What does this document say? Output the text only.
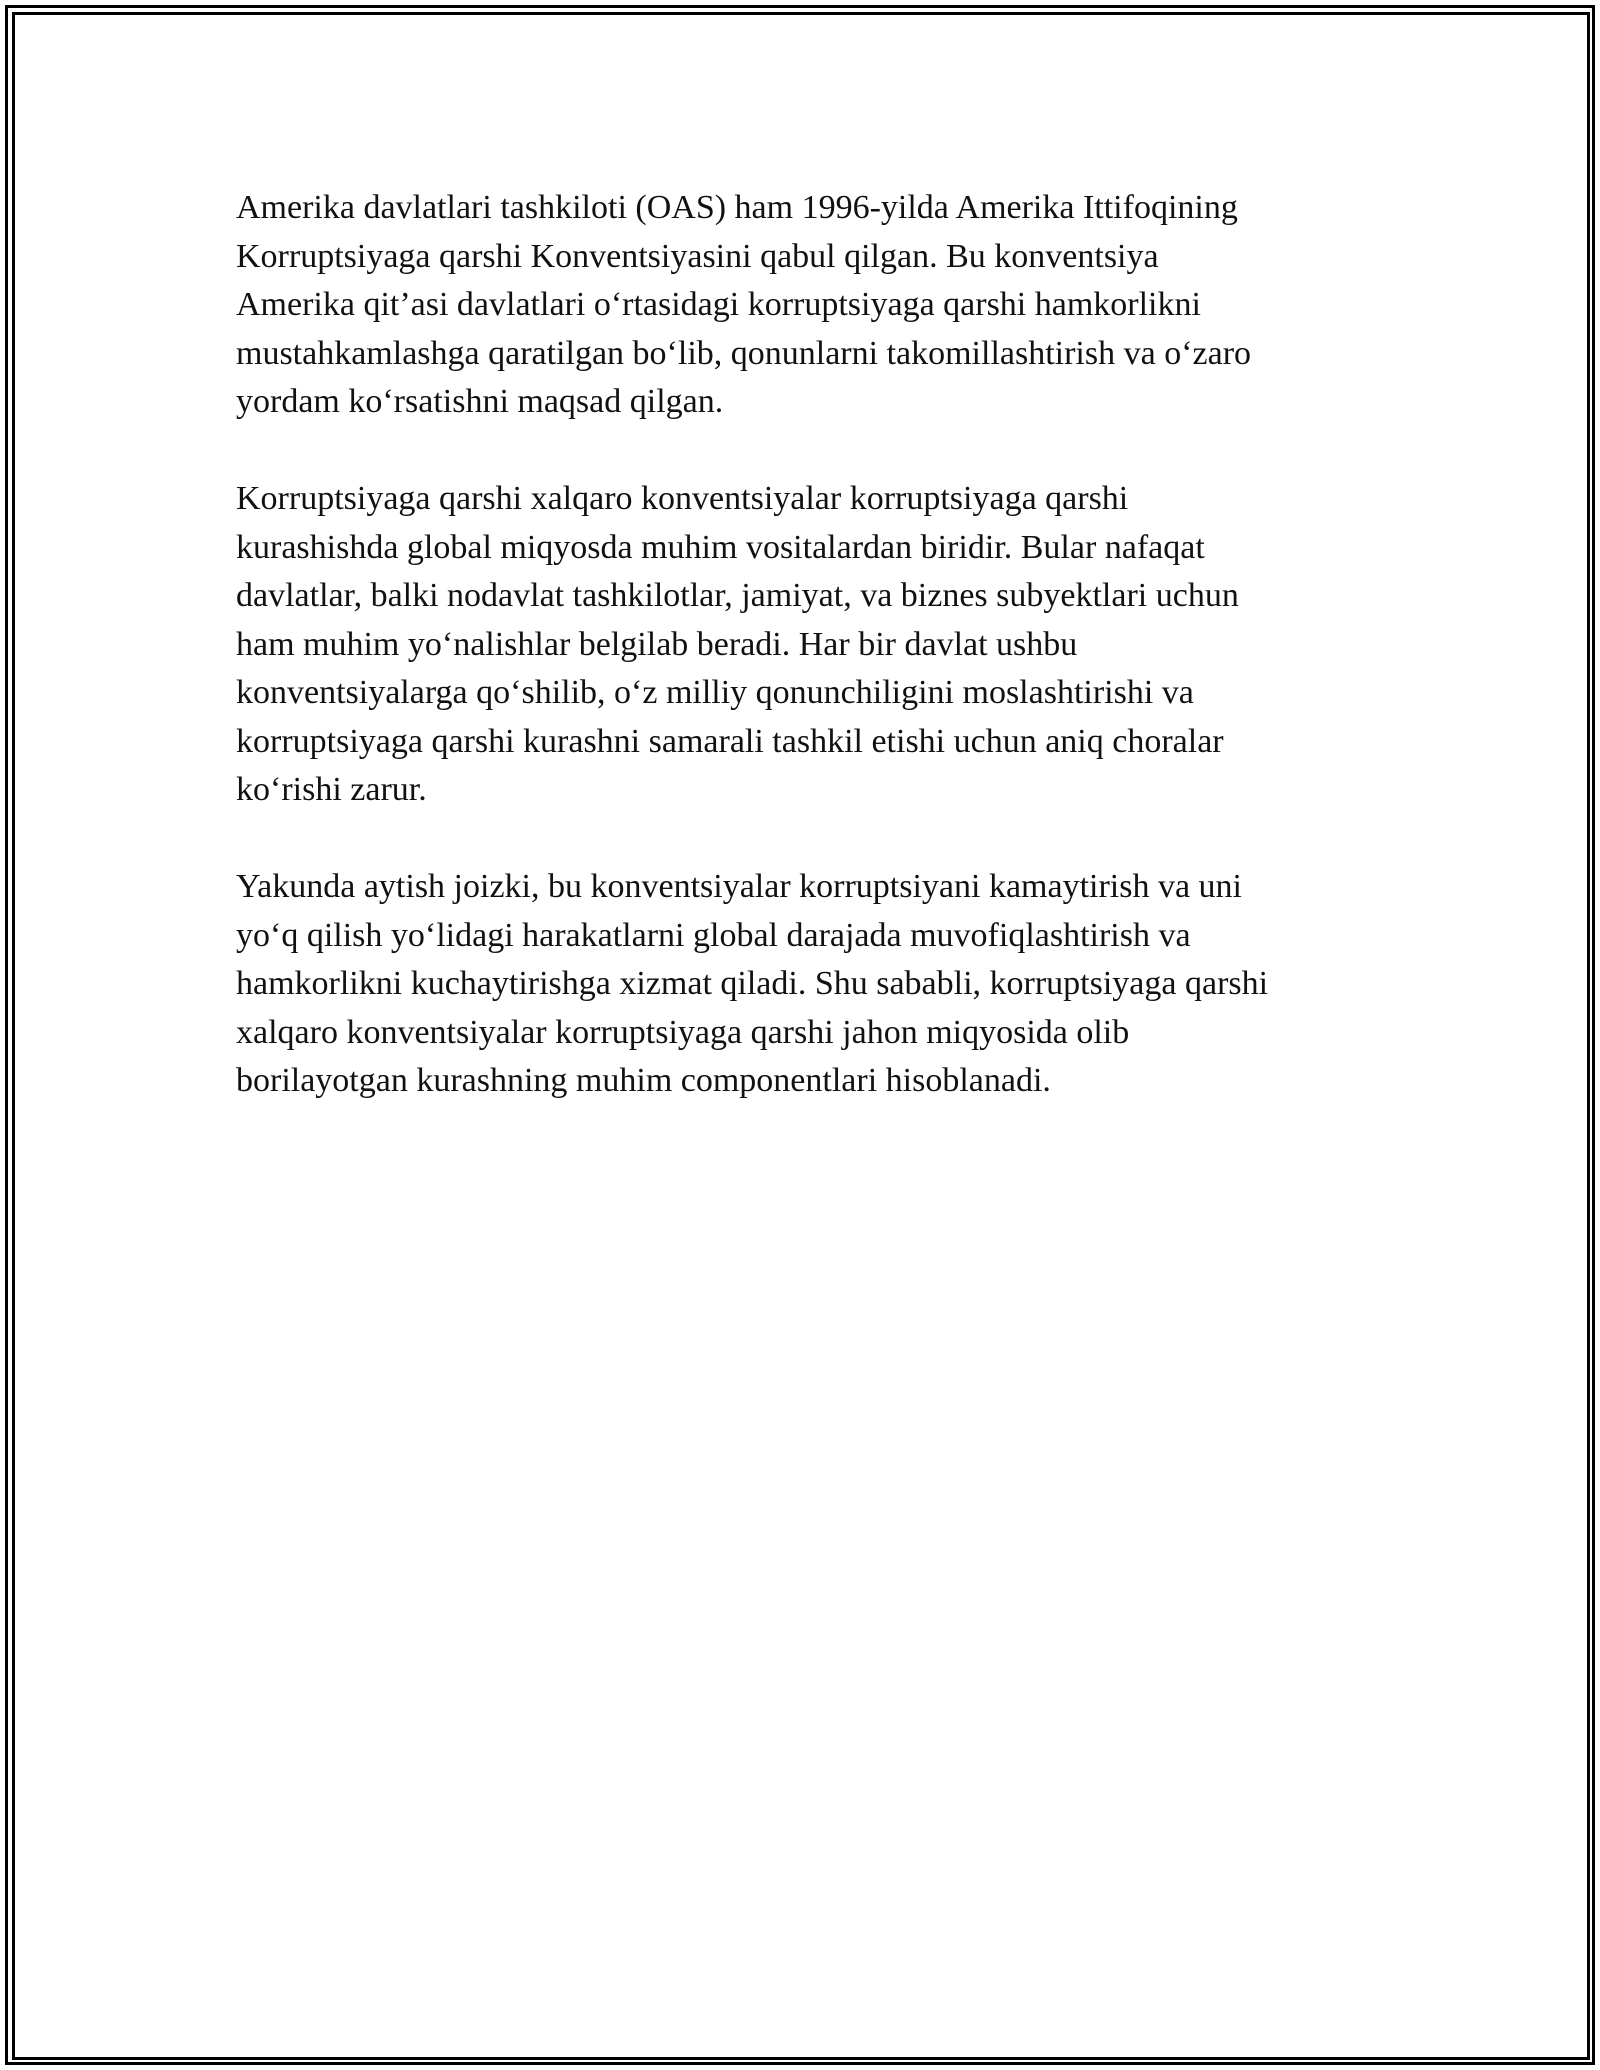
Amerika davlatlari tashkiloti (OAS) ham 1996-yilda Amerika Ittifoqining
Korruptsiyaga qarshi Konventsiyasini qabul qilgan. Bu konventsiya
Amerika qit’asi davlatlari o‘rtasidagi korruptsiyaga qarshi hamkorlikni
mustahkamlashga qaratilgan bo‘lib, qonunlarni takomillashtirish va o‘zaro
yordam ko‘rsatishni maqsad qilgan.

Korruptsiyaga qarshi xalqaro konventsiyalar korruptsiyaga qarshi
kurashishda global miqyosda muhim vositalardan biridir. Bular nafaqat
davlatlar, balki nodavlat tashkilotlar, jamiyat, va biznes subyektlari uchun
ham muhim yo‘nalishlar belgilab beradi. Har bir davlat ushbu
konventsiyalarga qo‘shilib, o‘z milliy qonunchiligini moslashtirishi va
korruptsiyaga qarshi kurashni samarali tashkil etishi uchun aniq choralar
ko‘rishi zarur.

Yakunda aytish joizki, bu konventsiyalar korruptsiyani kamaytirish va uni
yo‘q qilish yo‘lidagi harakatlarni global darajada muvofiqlashtirish va
hamkorlikni kuchaytirishga xizmat qiladi. Shu sababli, korruptsiyaga qarshi
xalqaro konventsiyalar korruptsiyaga qarshi jahon miqyosida olib
borilayotgan kurashning muhim componentlari hisoblanadi.
